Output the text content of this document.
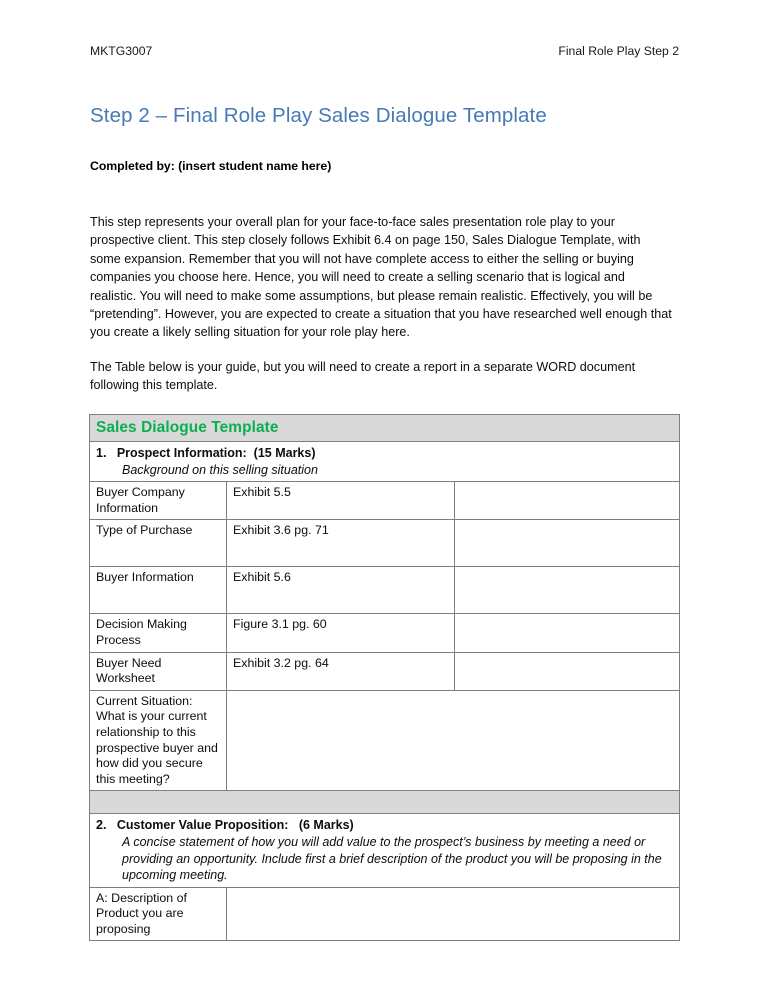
MKTG3007	Final Role Play Step 2
Step 2 – Final Role Play Sales Dialogue Template
Completed by: (insert student name here)

This step represents your overall plan for your face-to-face sales presentation role play to your prospective client. This step closely follows Exhibit 6.4 on page 150, Sales Dialogue Template, with some expansion. Remember that you will not have complete access to either the selling or buying companies you choose here. Hence, you will need to create a selling scenario that is logical and realistic. You will need to make some assumptions, but please remain realistic. Effectively, you will be “pretending”. However, you are expected to create a situation that you have researched well enough that you create a likely selling situation for your role play here.

The Table below is your guide, but you will need to create a report in a separate WORD document following this template.

Sales Dialogue Template		

1.   Prospect Information:  (15 Marks)
Background on this selling situation		

Buyer Company Information	Exhibit 5.5	
Type of Purchase	Exhibit 3.6 pg. 71	
Buyer Information	Exhibit 5.6	
Decision Making Process	Figure 3.1 pg. 60	
Buyer Need Worksheet	Exhibit 3.2 pg. 64	
Current Situation: What is your current relationship to this prospective buyer and how did you secure this meeting?		

2.   Customer Value Proposition:   (6 Marks)
A concise statement of how you will add value to the prospect’s business by meeting a need or providing an opportunity. Include first a brief description of the product you will be proposing in the upcoming meeting.		

A: Description of Product you are proposing		
